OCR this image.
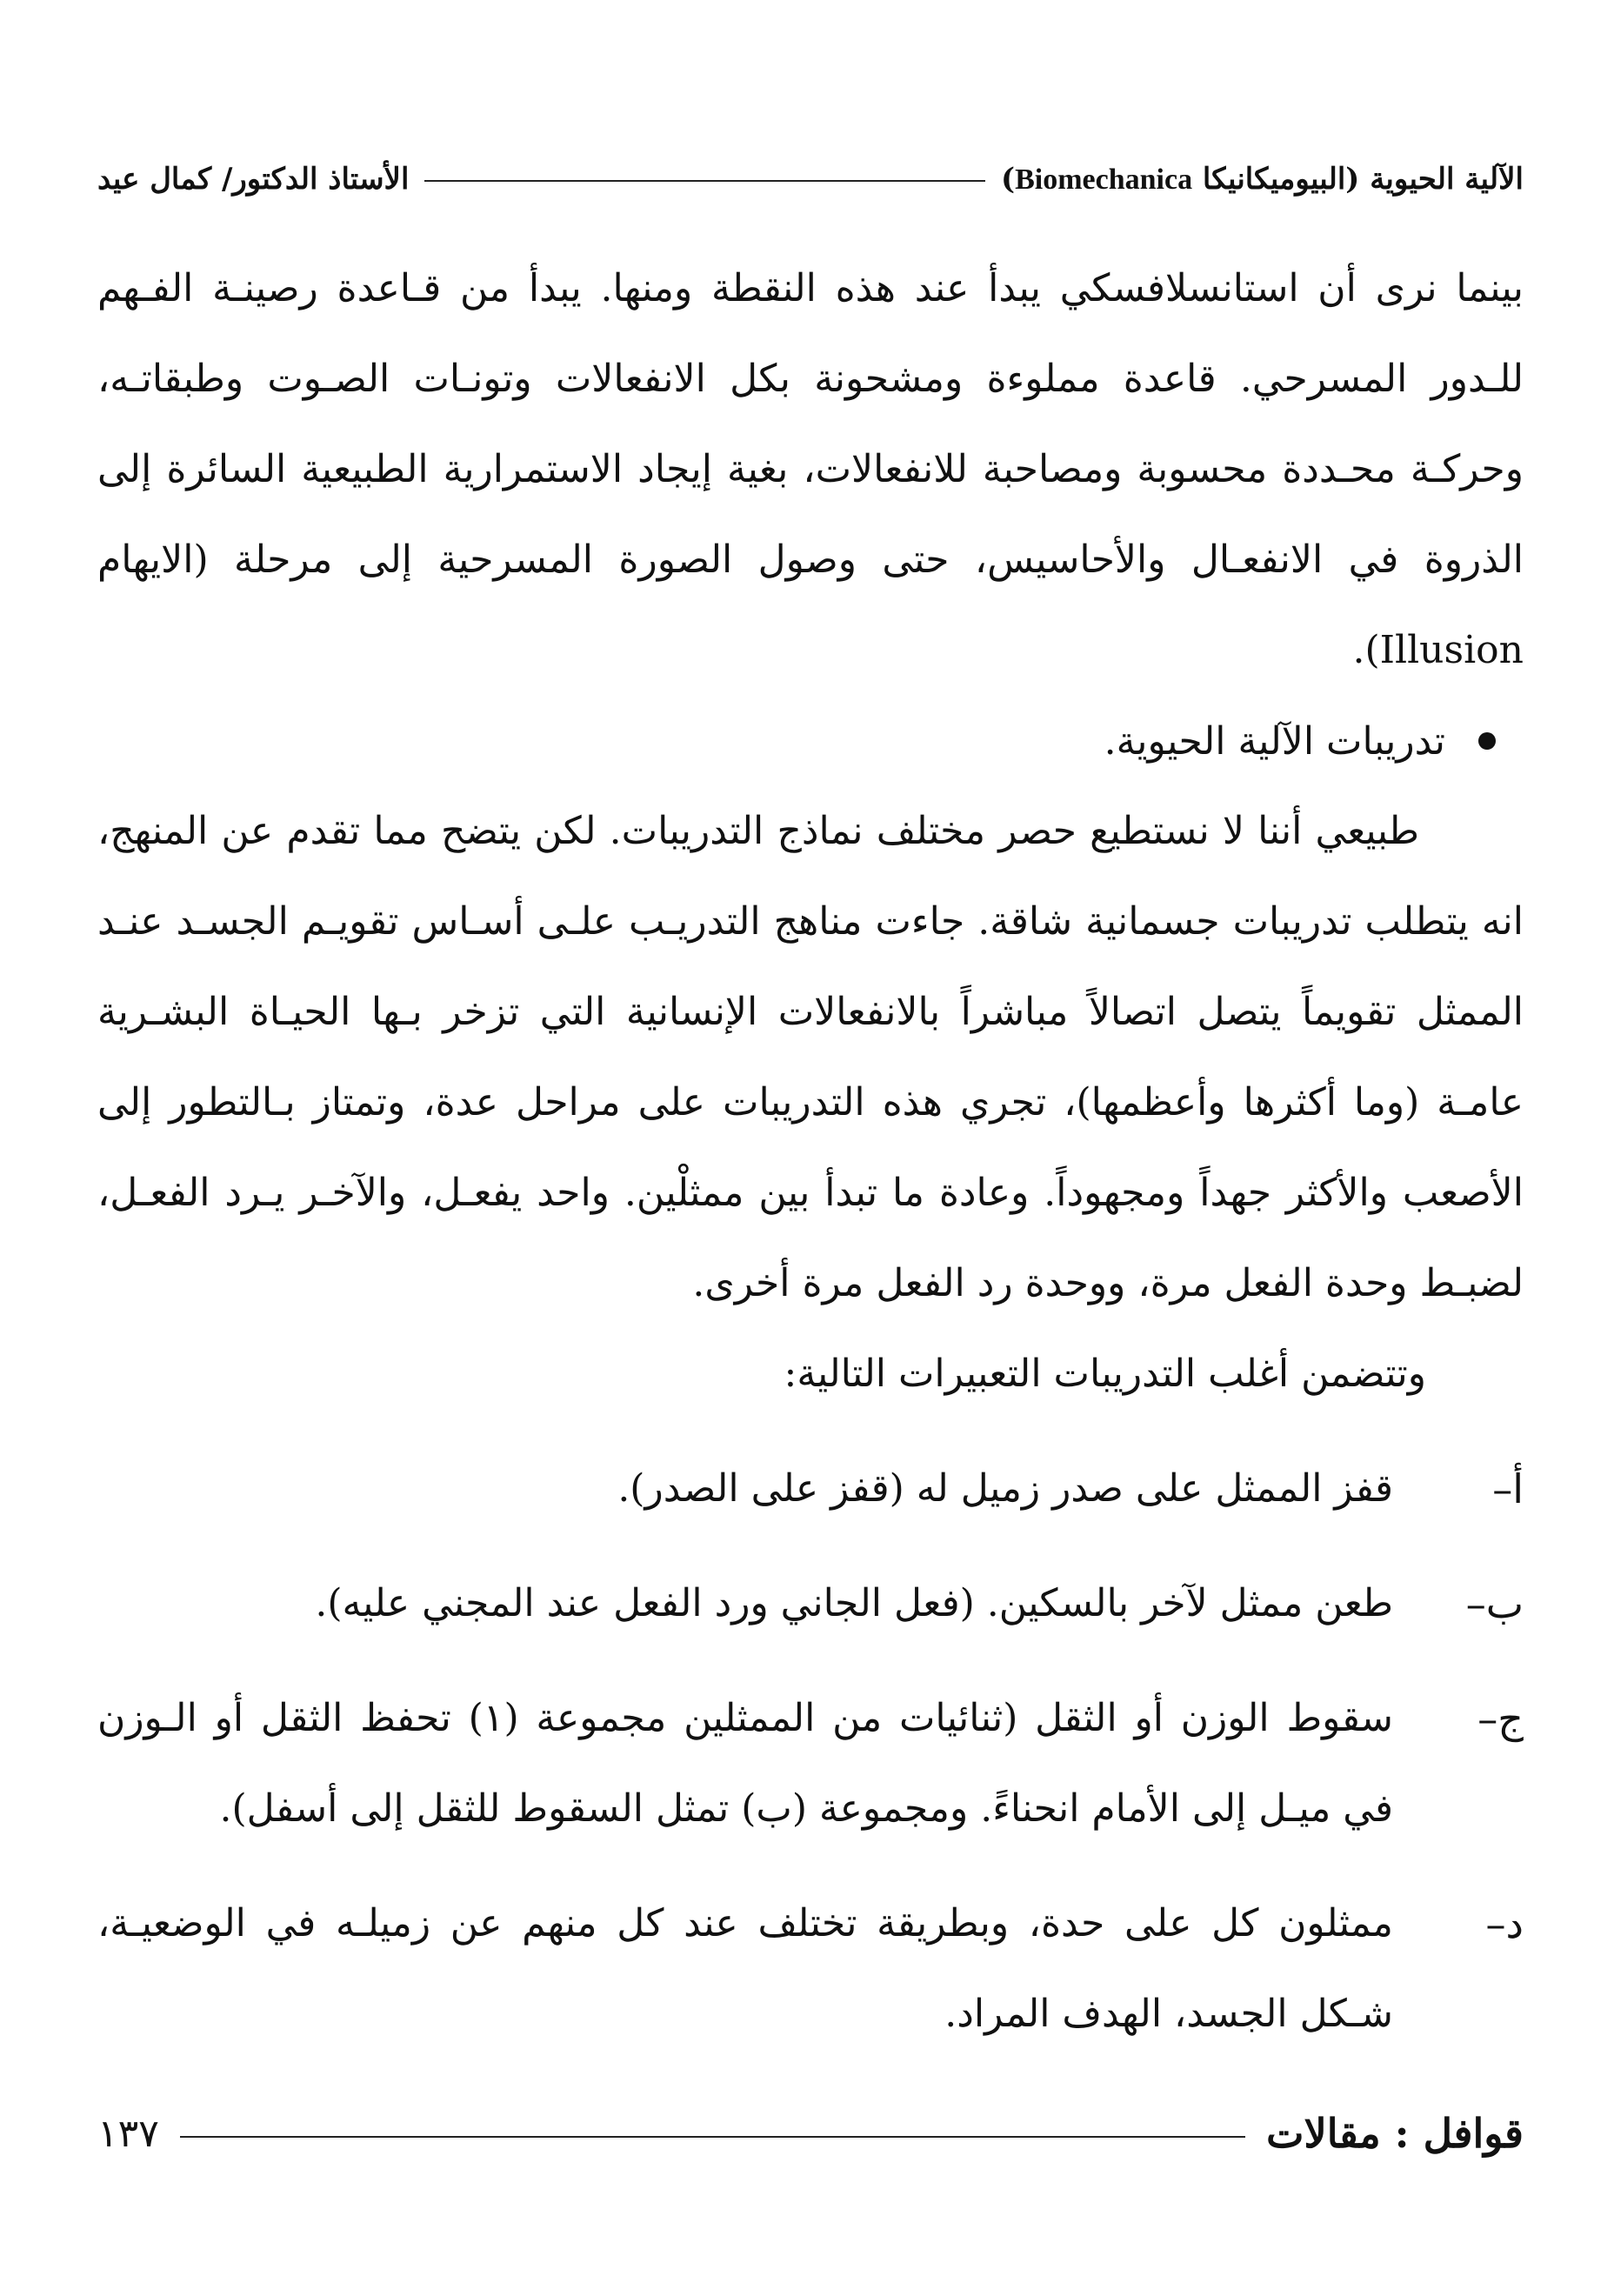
الآلية الحيوية (البيوميكانيكا Biomechanica)
الأستاذ الدكتور/ كمال عيد

بينما نرى أن استانسلافسكي يبدأ عند هذه النقطة ومنها. يبدأ من قـاعدة رصينـة الفـهم للـدور المسرحي. قاعدة مملوءة ومشحونة بكل الانفعالات وتونـات الصـوت وطبقاتـه، وحركـة محـددة محسوبة ومصاحبة للانفعالات، بغية إيجاد الاستمرارية الطبيعية السائرة إلى الذروة في الانفعـال والأحاسيس، حتى وصول الصورة المسرحية إلى مرحلة (الايهام Illusion).

تدريبات الآلية الحيوية.

طبيعي أننا لا نستطيع حصر مختلف نماذج التدريبات. لكن يتضح مما تقدم عن المنهج، انه يتطلب تدريبات جسمانية شاقة. جاءت مناهج التدريـب علـى أسـاس تقويـم الجسـد عنـد الممثل تقويماً يتصل اتصالاً مباشراً بالانفعالات الإنسانية التي تزخر بـها الحيـاة البشـرية عامـة (وما أكثرها وأعظمها)، تجري هذه التدريبات على مراحل عدة، وتمتاز بـالتطور إلى الأصعب والأكثر جهداً ومجهوداً. وعادة ما تبدأ بين ممثلْين. واحد يفعـل، والآخـر يـرد الفعـل، لضبـط وحدة الفعل مرة، ووحدة رد الفعل مرة أخرى.

وتتضمن أغلب التدريبات التعبيرات التالية:
أ–
قفز الممثل على صدر زميل له (قفز على الصدر).
ب–
طعن ممثل لآخر بالسكين. (فعل الجاني ورد الفعل عند المجني عليه).
ج–
سقوط الوزن أو الثقل (ثنائيات من الممثلين مجموعة (١) تحفظ الثقل أو الـوزن في ميـل إلى الأمام انحناءً. ومجموعة (ب) تمثل السقوط للثقل إلى أسفل).
د–
ممثلون كل على حدة، وبطريقة تختلف عند كل منهم عن زميلـه في الوضعيـة، شـكل الجسد، الهدف المراد.
قوافل : مقالات
١٣٧
